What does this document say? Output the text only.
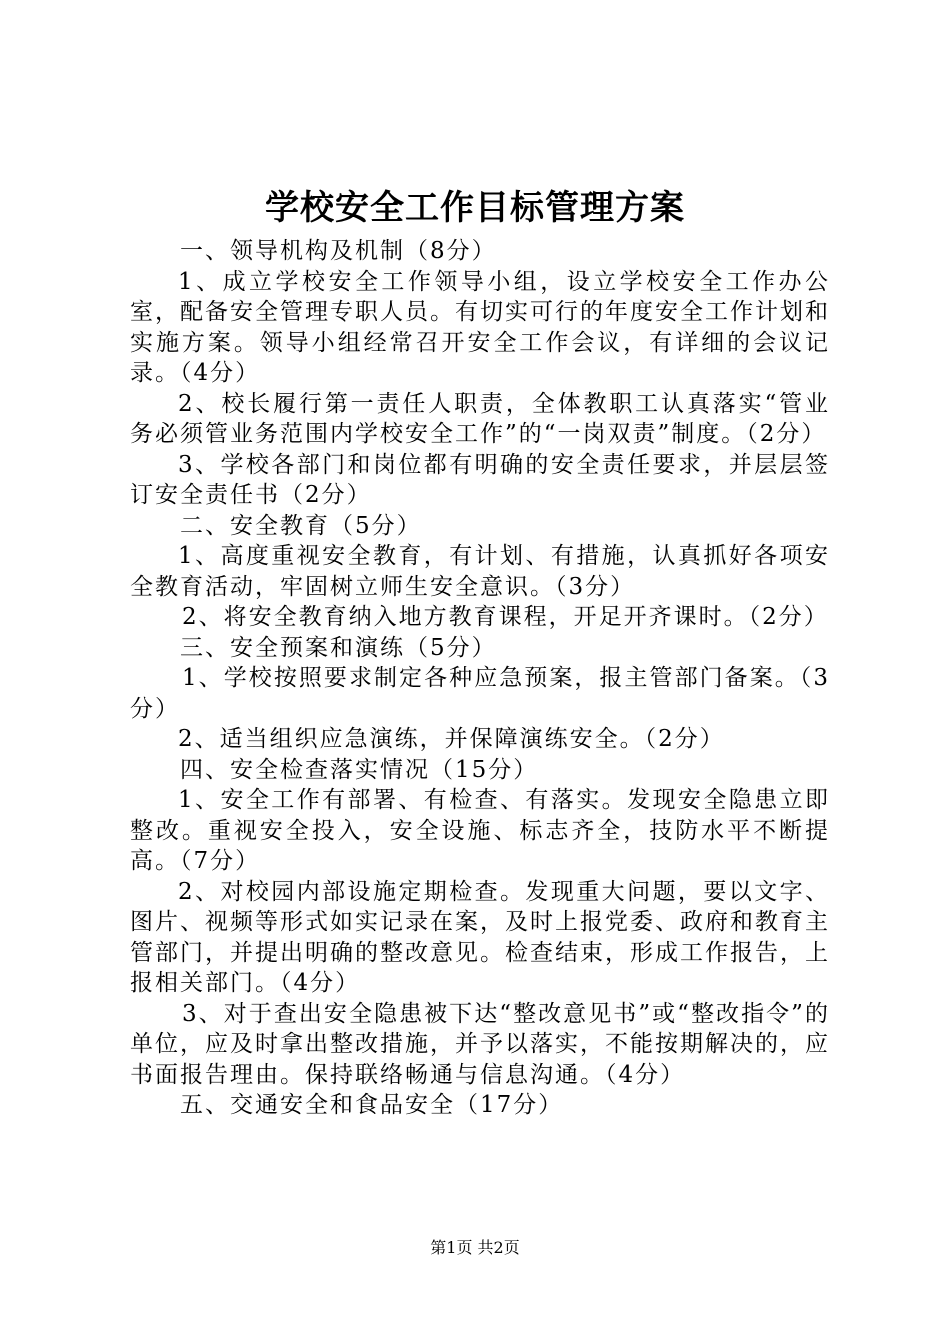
学校安全工作目标管理方案

一、领导机构及机制（8分）

1、成立学校安全工作领导小组，设立学校安全工作办公室，配备安全管理专职人员。有切实可行的年度安全工作计划和实施方案。领导小组经常召开安全工作会议，有详细的会议记录。（4分）

2、校长履行第一责任人职责，全体教职工认真落实“管业务必须管业务范围内学校安全工作”的“一岗双责”制度。（2分）

3、学校各部门和岗位都有明确的安全责任要求，并层层签订安全责任书（2分）

二、安全教育（5分）

1、高度重视安全教育，有计划、有措施，认真抓好各项安全教育活动，牢固树立师生安全意识。（3分）

2、将安全教育纳入地方教育课程，开足开齐课时。（2分）

三、安全预案和演练（5分）

1、学校按照要求制定各种应急预案，报主管部门备案。（3分）

2、适当组织应急演练，并保障演练安全。（2分）

四、安全检查落实情况（15分）

1、安全工作有部署、有检查、有落实。发现安全隐患立即整改。重视安全投入，安全设施、标志齐全，技防水平不断提高。（7分）

2、对校园内部设施定期检查。发现重大问题，要以文字、图片、视频等形式如实记录在案，及时上报党委、政府和教育主管部门，并提出明确的整改意见。检查结束，形成工作报告，上报相关部门。（4分）

3、对于查出安全隐患被下达“整改意见书”或“整改指令”的单位，应及时拿出整改措施，并予以落实，不能按期解决的，应书面报告理由。保持联络畅通与信息沟通。（4分）

五、交通安全和食品安全（17分）

第1页 共2页
